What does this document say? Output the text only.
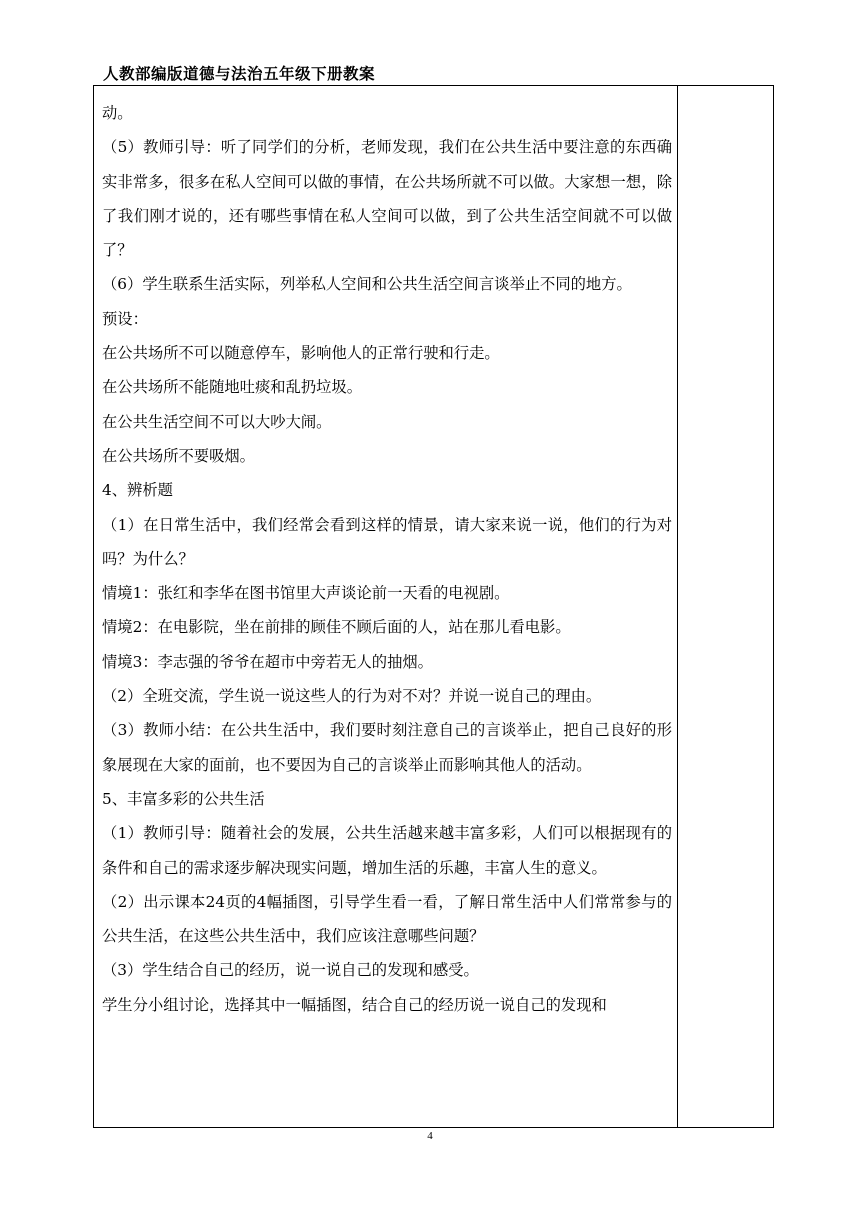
人教部编版道德与法治五年级下册教案

动。

（5）教师引导：听了同学们的分析，老师发现，我们在公共生活中要注意的东西确实非常多，很多在私人空间可以做的事情，在公共场所就不可以做。大家想一想，除了我们刚才说的，还有哪些事情在私人空间可以做，到了公共生活空间就不可以做了？

（6）学生联系生活实际，列举私人空间和公共生活空间言谈举止不同的地方。

预设：

在公共场所不可以随意停车，影响他人的正常行驶和行走。

在公共场所不能随地吐痰和乱扔垃圾。

在公共生活空间不可以大吵大闹。

在公共场所不要吸烟。

4、辨析题

（1）在日常生活中，我们经常会看到这样的情景，请大家来说一说，他们的行为对吗？为什么？

情境1：张红和李华在图书馆里大声谈论前一天看的电视剧。

情境2：在电影院，坐在前排的顾佳不顾后面的人，站在那儿看电影。

情境3：李志强的爷爷在超市中旁若无人的抽烟。

（2）全班交流，学生说一说这些人的行为对不对？并说一说自己的理由。

（3）教师小结：在公共生活中，我们要时刻注意自己的言谈举止，把自己良好的形象展现在大家的面前，也不要因为自己的言谈举止而影响其他人的活动。

5、丰富多彩的公共生活

（1）教师引导：随着社会的发展，公共生活越来越丰富多彩，人们可以根据现有的条件和自己的需求逐步解决现实问题，增加生活的乐趣，丰富人生的意义。

（2）出示课本24页的4幅插图，引导学生看一看，了解日常生活中人们常常参与的公共生活，在这些公共生活中，我们应该注意哪些问题？

（3）学生结合自己的经历，说一说自己的发现和感受。

学生分小组讨论，选择其中一幅插图，结合自己的经历说一说自己的发现和

4
